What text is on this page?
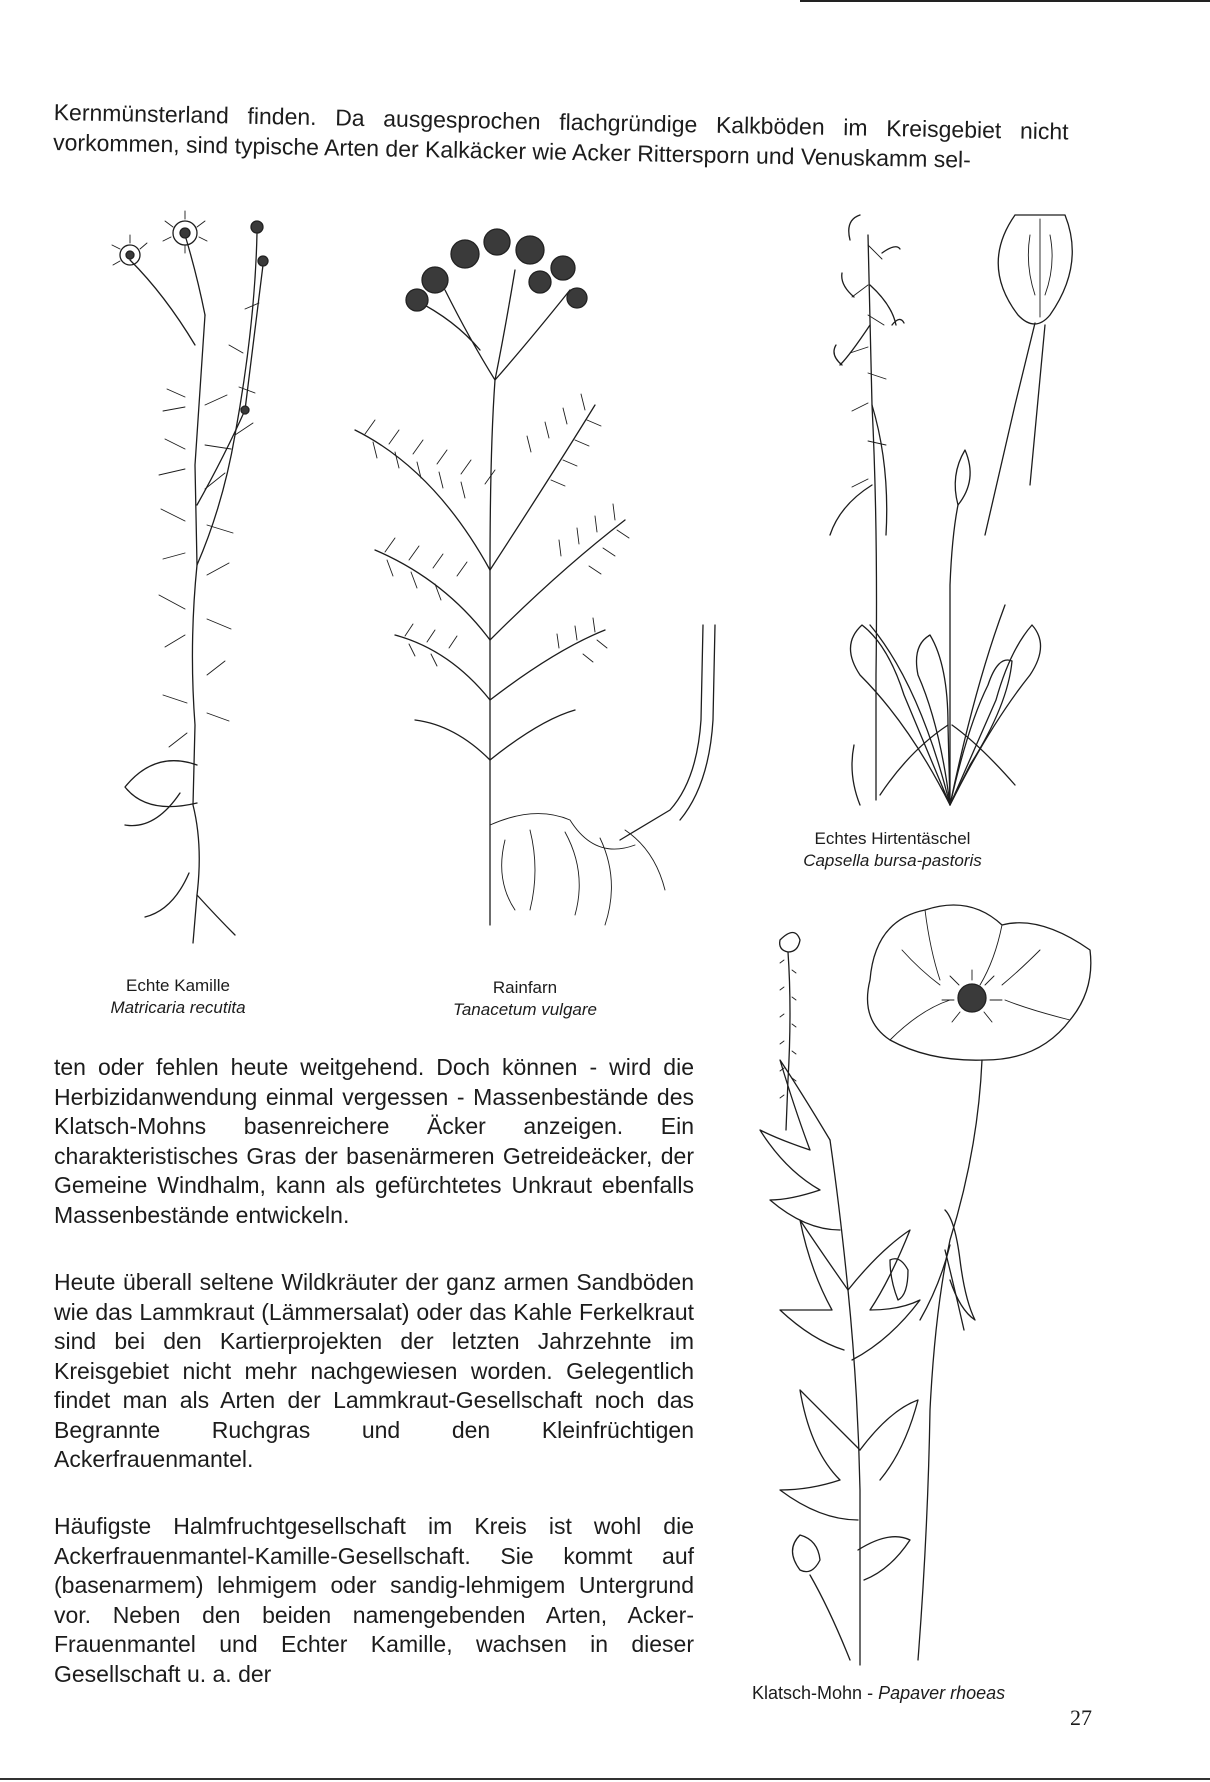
Kernmünsterland finden. Da ausgesprochen flachgründige Kalkböden im Kreisgebiet nicht vorkommen, sind typische Arten der Kalkäcker wie Acker Rittersporn und Venuskamm sel-

Echte Kamille
Matricaria recutita
Rainfarn
Tanacetum vulgare
Echtes Hirtentäschel
Capsella bursa-pastoris
Klatsch-Mohn - Papaver rhoeas

ten oder fehlen heute weitgehend. Doch können - wird die Herbizidanwendung einmal vergessen - Massenbestände des Klatsch-Mohns basenreichere Äcker anzeigen. Ein charakteristisches Gras der basenärmeren Getreideäcker, der Gemeine Windhalm, kann als gefürchtetes Unkraut ebenfalls Massenbestände entwickeln.

Heute überall seltene Wildkräuter der ganz armen Sandböden wie das Lammkraut (Lämmersalat) oder das Kahle Ferkelkraut sind bei den Kartierprojekten der letzten Jahrzehnte im Kreisgebiet nicht mehr nachgewiesen worden. Gelegentlich findet man als Arten der Lammkraut-Gesellschaft noch das Begrannte Ruchgras und den Kleinfrüchtigen Ackerfrauenmantel.

Häufigste Halmfruchtgesellschaft im Kreis ist wohl die Ackerfrauenmantel-Kamille-Gesellschaft. Sie kommt auf (basenarmem) lehmigem oder sandig-lehmigem Untergrund vor. Neben den beiden namengebenden Arten, Acker-Frauenmantel und Echter Kamille, wachsen in dieser Gesellschaft u. a. der

27
